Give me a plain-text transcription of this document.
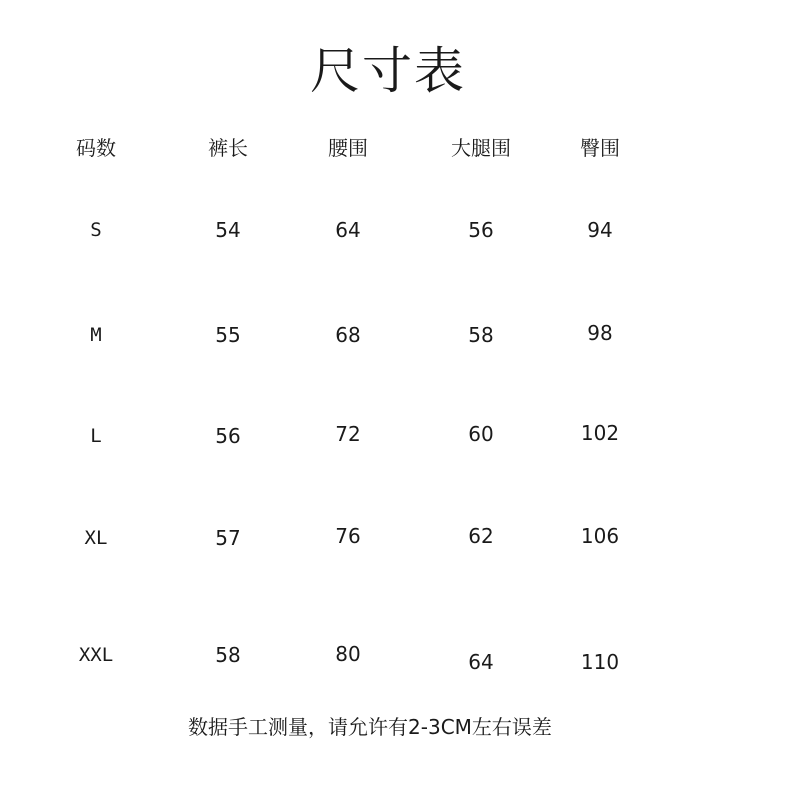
尺寸表
码数	裤长	腰围	大腿围	臀围
S	54	64	56	94
M	55	68	58	98
L	56	72	60	102
XL	57	76	62	106
XXL	58	80	64	110
数据手工测量，请允许有2-3CM左右误差
